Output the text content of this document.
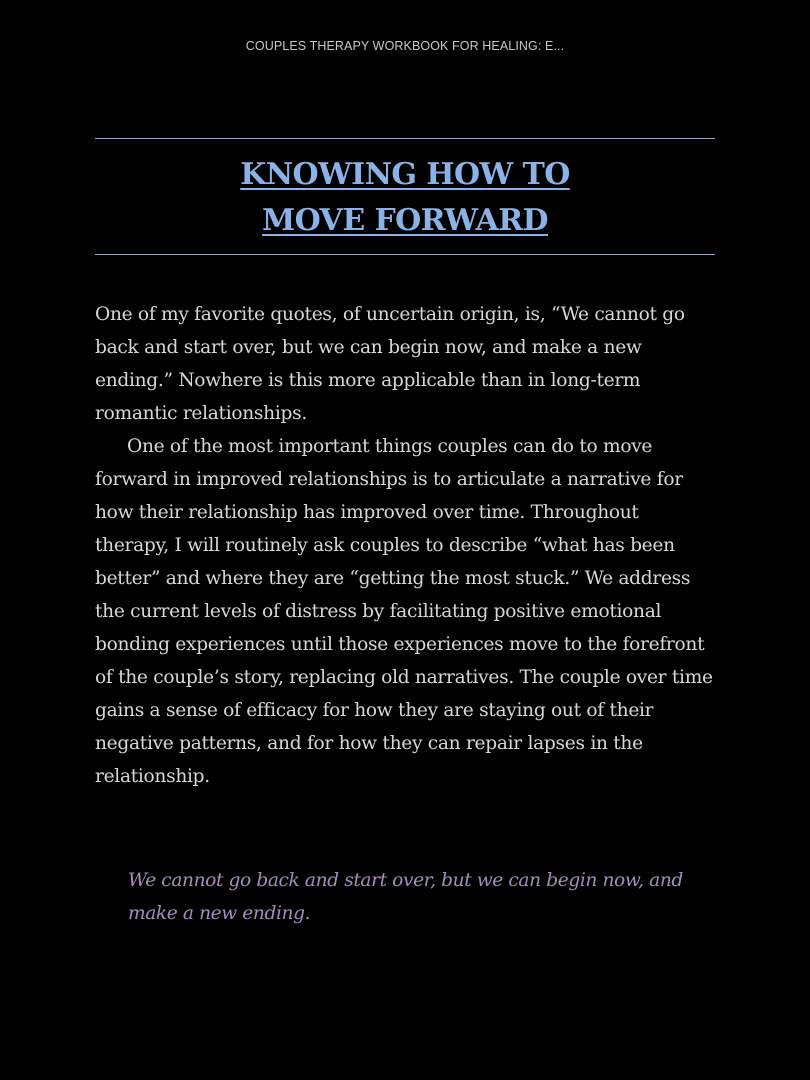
COUPLES THERAPY WORKBOOK FOR HEALING: E...
KNOWING HOW TO
MOVE FORWARD

One of my favorite quotes, of uncertain origin, is, “We cannot go back and start over, but we can begin now, and make a new ending.” Nowhere is this more applicable than in long-term romantic relationships.

One of the most important things couples can do to move forward in improved relationships is to articulate a narrative for how their relationship has improved over time. Throughout therapy, I will routinely ask couples to describe “what has been better” and where they are “getting the most stuck.” We address the current levels of distress by facilitating positive emotional bonding experiences until those experiences move to the forefront of the couple’s story, replacing old narratives. The couple over time gains a sense of efficacy for how they are staying out of their negative patterns, and for how they can repair lapses in the relationship.

We cannot go back and start over, but we can begin now, and make a new ending.
